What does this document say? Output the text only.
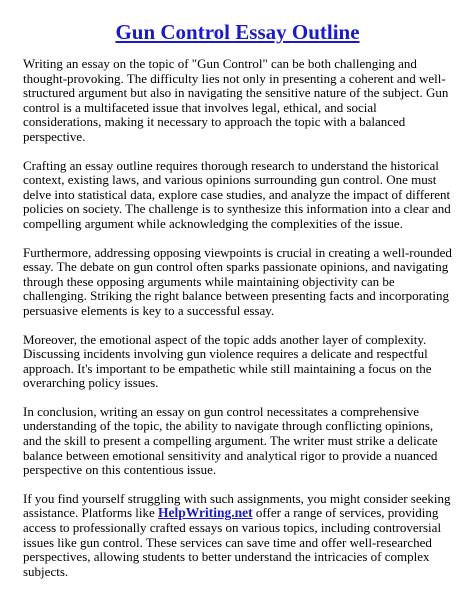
Gun Control Essay Outline

Writing an essay on the topic of "Gun Control" can be both challenging and thought-provoking. The difficulty lies not only in presenting a coherent and well-structured argument but also in navigating the sensitive nature of the subject. Gun control is a multifaceted issue that involves legal, ethical, and social considerations, making it necessary to approach the topic with a balanced perspective.

Crafting an essay outline requires thorough research to understand the historical context, existing laws, and various opinions surrounding gun control. One must delve into statistical data, explore case studies, and analyze the impact of different policies on society. The challenge is to synthesize this information into a clear and compelling argument while acknowledging the complexities of the issue.

Furthermore, addressing opposing viewpoints is crucial in creating a well-rounded essay. The debate on gun control often sparks passionate opinions, and navigating through these opposing arguments while maintaining objectivity can be challenging. Striking the right balance between presenting facts and incorporating persuasive elements is key to a successful essay.

Moreover, the emotional aspect of the topic adds another layer of complexity. Discussing incidents involving gun violence requires a delicate and respectful approach. It's important to be empathetic while still maintaining a focus on the overarching policy issues.

In conclusion, writing an essay on gun control necessitates a comprehensive understanding of the topic, the ability to navigate through conflicting opinions, and the skill to present a compelling argument. The writer must strike a delicate balance between emotional sensitivity and analytical rigor to provide a nuanced perspective on this contentious issue.

If you find yourself struggling with such assignments, you might consider seeking assistance. Platforms like HelpWriting.net offer a range of services, providing access to professionally crafted essays on various topics, including controversial issues like gun control. These services can save time and offer well-researched perspectives, allowing students to better understand the intricacies of complex subjects.
